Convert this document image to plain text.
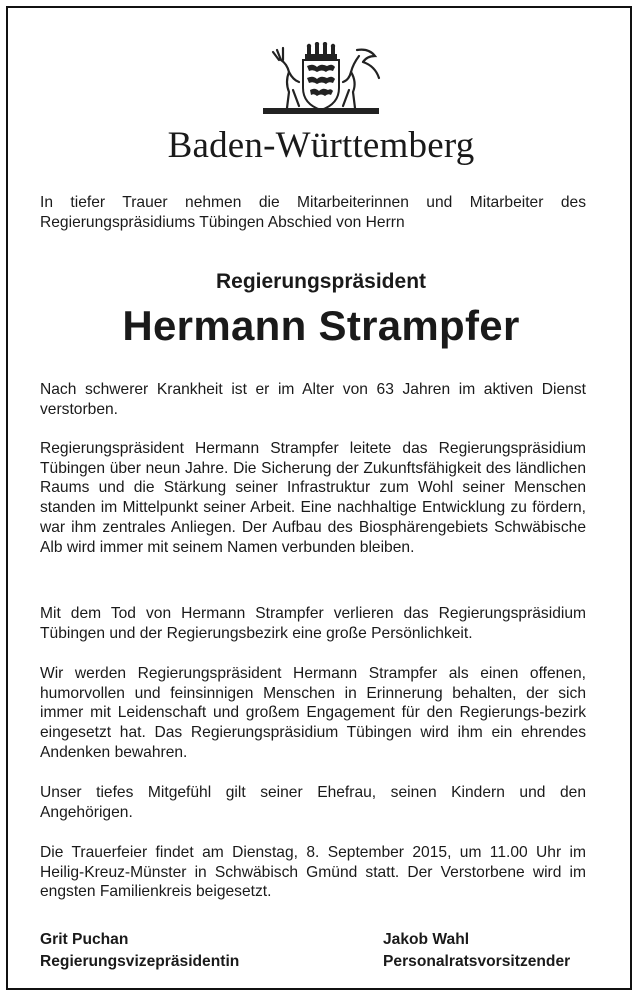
Baden-Württemberg

In tiefer Trauer nehmen die Mitarbeiterinnen und Mitarbeiter des Regierungspräsidiums Tübingen Abschied von Herrn

Regierungspräsident
Hermann Strampfer

Nach schwerer Krankheit ist er im Alter von 63 Jahren im aktiven Dienst verstorben.

Regierungspräsident Hermann Strampfer leitete das Regierungspräsidium Tübingen über neun Jahre. Die Sicherung der Zukunftsfähigkeit des ländlichen Raums und die Stärkung seiner Infrastruktur zum Wohl seiner Menschen standen im Mittelpunkt seiner Arbeit. Eine nachhaltige Entwicklung zu fördern, war ihm zentrales Anliegen. Der Aufbau des Biosphärengebiets Schwäbische Alb wird immer mit seinem Namen verbunden bleiben.

Mit dem Tod von Hermann Strampfer verlieren das Regierungspräsidium Tübingen und der Regierungsbezirk eine große Persönlichkeit.

Wir werden Regierungspräsident Hermann Strampfer als einen offenen, humorvollen und feinsinnigen Menschen in Erinnerung behalten, der sich immer mit Leidenschaft und großem Engagement für den Regierungs-bezirk eingesetzt hat. Das Regierungspräsidium Tübingen wird ihm ein ehrendes Andenken bewahren.

Unser tiefes Mitgefühl gilt seiner Ehefrau, seinen Kindern und den Angehörigen.

Die Trauerfeier findet am Dienstag, 8. September 2015, um 11.00 Uhr im Heilig-Kreuz-Münster in Schwäbisch Gmünd statt. Der Verstorbene wird im engsten Familienkreis beigesetzt.

Grit Puchan
Regierungsvizepräsidentin
Jakob Wahl
Personalratsvorsitzender
